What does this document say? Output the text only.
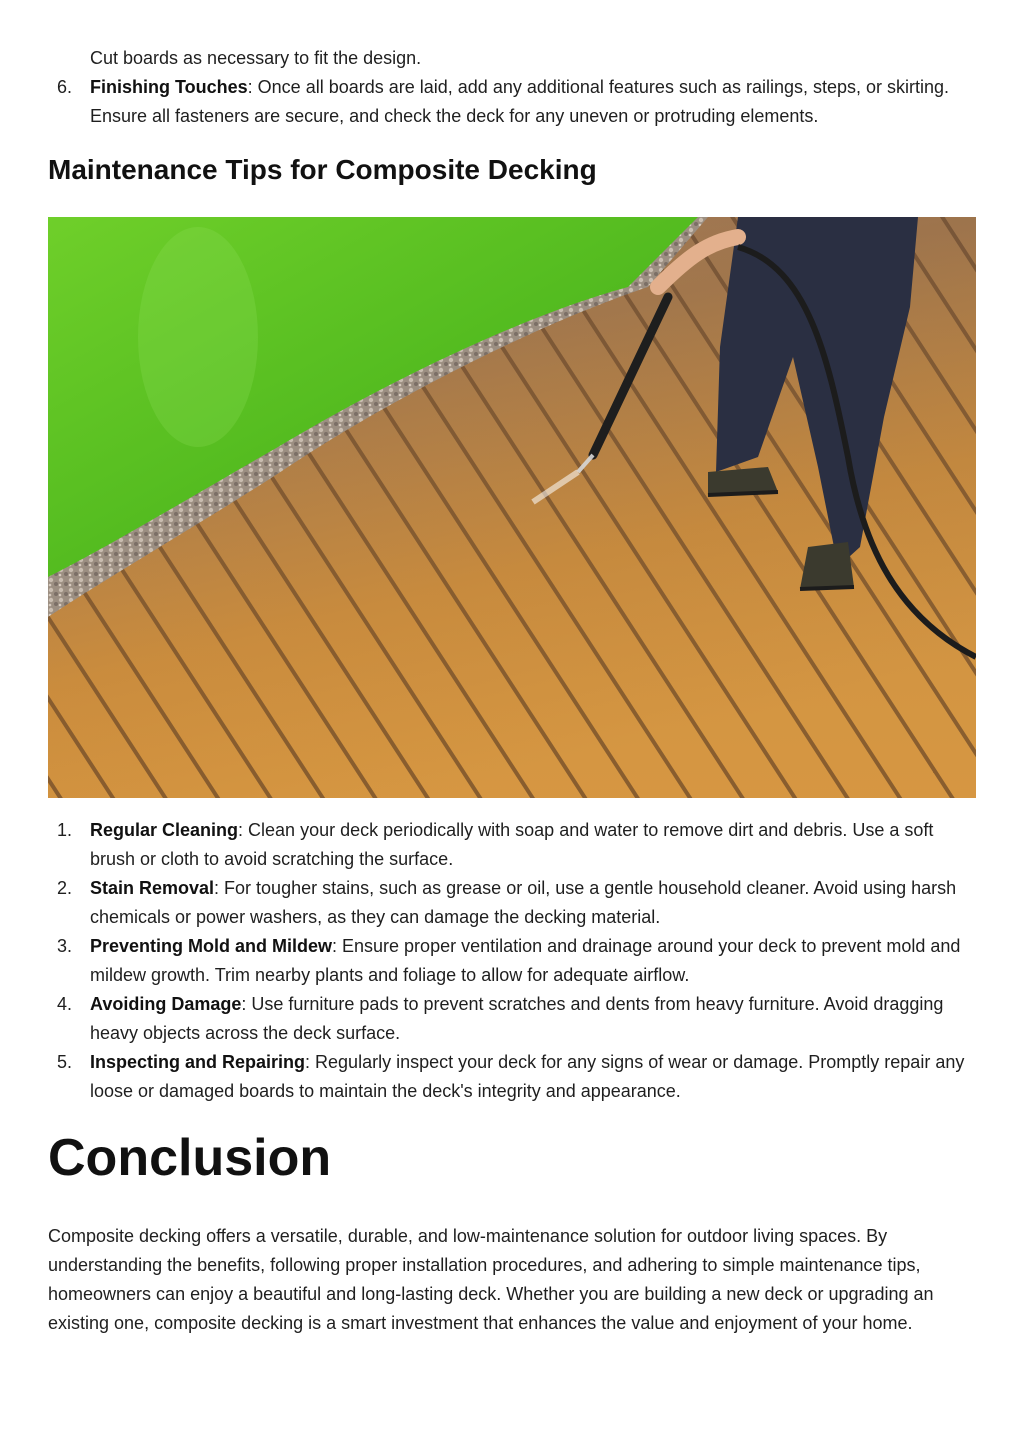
Cut boards as necessary to fit the design.

6. Finishing Touches: Once all boards are laid, add any additional features such as railings, steps, or skirting. Ensure all fasteners are secure, and check the deck for any uneven or protruding elements.
Maintenance Tips for Composite Decking
1. Regular Cleaning: Clean your deck periodically with soap and water to remove dirt and debris. Use a soft brush or cloth to avoid scratching the surface.
2. Stain Removal: For tougher stains, such as grease or oil, use a gentle household cleaner. Avoid using harsh chemicals or power washers, as they can damage the decking material.
3. Preventing Mold and Mildew: Ensure proper ventilation and drainage around your deck to prevent mold and mildew growth. Trim nearby plants and foliage to allow for adequate airflow.
4. Avoiding Damage: Use furniture pads to prevent scratches and dents from heavy furniture. Avoid dragging heavy objects across the deck surface.
5. Inspecting and Repairing: Regularly inspect your deck for any signs of wear or damage. Promptly repair any loose or damaged boards to maintain the deck's integrity and appearance.
Conclusion

Composite decking offers a versatile, durable, and low-maintenance solution for outdoor living spaces. By understanding the benefits, following proper installation procedures, and adhering to simple maintenance tips, homeowners can enjoy a beautiful and long-lasting deck. Whether you are building a new deck or upgrading an existing one, composite decking is a smart investment that enhances the value and enjoyment of your home.
